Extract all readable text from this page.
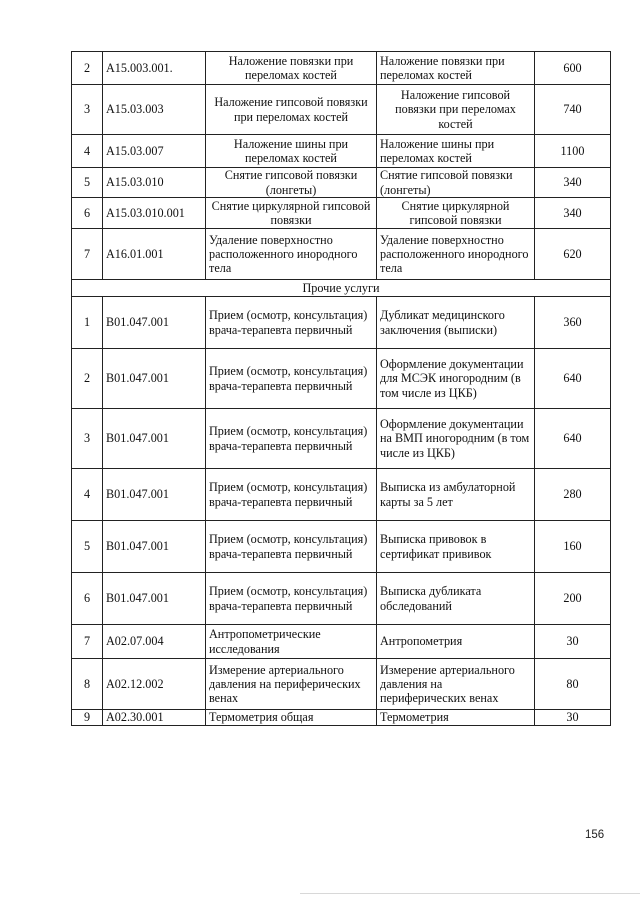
2	A15.003.001.	Наложение повязки при переломах костей	Наложение повязки при переломах костей	600
3	A15.03.003	Наложение гипсовой повязки при переломах костей	Наложение гипсовой повязки при переломах костей	740
4	A15.03.007	Наложение шины при переломах костей	Наложение шины при переломах костей	1100
5	A15.03.010	Снятие гипсовой повязки (лонгеты)	Снятие гипсовой повязки (лонгеты)	340
6	A15.03.010.001	Снятие циркулярной гипсовой повязки	Снятие циркулярной гипсовой повязки	340
7	A16.01.001	Удаление поверхностно расположенного инородного тела	Удаление поверхностно расположенного инородного тела	620
Прочие услуги				
1	B01.047.001	Прием (осмотр, консультация) врача-терапевта первичный	Дубликат медицинского заключения (выписки)	360
2	B01.047.001	Прием (осмотр, консультация) врача-терапевта первичный	Оформление документации для МСЭК иногородним (в том числе из ЦКБ)	640
3	B01.047.001	Прием (осмотр, консультация) врача-терапевта первичный	Оформление документации на ВМП иногородним (в том числе из ЦКБ)	640
4	B01.047.001	Прием (осмотр, консультация) врача-терапевта первичный	Выписка из амбулаторной карты за 5 лет	280
5	B01.047.001	Прием (осмотр, консультация) врача-терапевта первичный	Выписка привовок в сертификат прививок	160
6	B01.047.001	Прием (осмотр, консультация) врача-терапевта первичный	Выписка дубликата обследований	200
7	A02.07.004	Антропометрические исследования	Антропометрия	30
8	A02.12.002	Измерение артериального давления на периферических венах	Измерение артериального давления на периферических венах	80
9	A02.30.001	Термометрия общая	Термометрия	30
156
